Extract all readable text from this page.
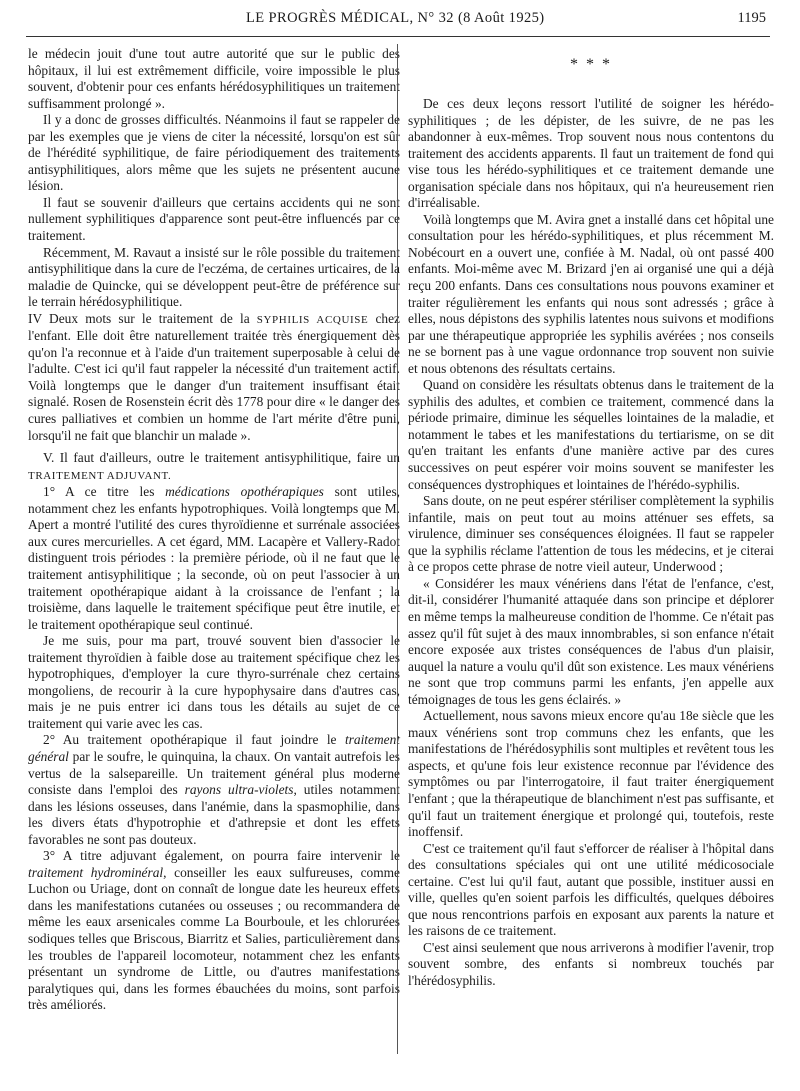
LE PROGRÈS MÉDICAL, N° 32 (8 Août 1925)	1195

le médecin jouit d'une tout autre autorité que sur le public des hôpitaux, il lui est extrêmement difficile, voire impossible le plus souvent, d'obtenir pour ces enfants hérédosyphilitiques un traitement suffisamment prolongé ».

Il y a donc de grosses difficultés. Néanmoins il faut se rappeler de par les exemples que je viens de citer la nécessité, lorsqu'on est sûr de l'hérédité syphilitique, de faire périodiquement des traitements antisyphilitiques, alors même que les sujets ne présentent aucune lésion.

Il faut se souvenir d'ailleurs que certains accidents qui ne sont nullement syphilitiques d'apparence sont peut-être influencés par ce traitement.

Récemment, M. Ravaut a insisté sur le rôle possible du traitement antisyphilitique dans la cure de l'eczéma, de certaines urticaires, de la maladie de Quincke, qui se développent peut-être de préférence sur le terrain hérédosyphilitique.

IV Deux mots sur le traitement de la SYPHILIS ACQUISE chez l'enfant. Elle doit être naturellement traitée très énergiquement dès qu'on l'a reconnue et à l'aide d'un traitement superposable à celui de l'adulte. C'est ici qu'il faut rappeler la nécessité d'un traitement actif. Voilà longtemps que le danger d'un traitement insuffisant était signalé. Rosen de Rosenstein écrit dès 1778 pour dire « le danger des cures palliatives et combien un homme de l'art mérite d'être puni, lorsqu'il ne fait que blanchir un malade ».

V. Il faut d'ailleurs, outre le traitement antisyphilitique, faire un TRAITEMENT ADJUVANT.

1° A ce titre les médications opothérapiques sont utiles, notamment chez les enfants hypotrophiques. Voilà longtemps que M. Apert a montré l'utilité des cures thyroïdienne et surrénale associées aux cures mercurielles. A cet égard, MM. Lacapère et Vallery-Radot distinguent trois périodes : la première période, où il ne faut que le traitement antisyphilitique ; la seconde, où on peut l'associer à un traitement opothérapique aidant à la croissance de l'enfant ; la troisième, dans laquelle le traitement spécifique peut être inutile, et le traitement opothérapique seul continué.

Je me suis, pour ma part, trouvé souvent bien d'associer le traitement thyroïdien à faible dose au traitement spécifique chez les hypotrophiques, d'employer la cure thyro-surrénale chez certains mongoliens, de recourir à la cure hypophysaire dans d'autres cas, mais je ne puis entrer ici dans tous les détails au sujet de ce traitement qui varie avec les cas.

2° Au traitement opothérapique il faut joindre le traitement général par le soufre, le quinquina, la chaux. On vantait autrefois les vertus de la salsepareille. Un traitement général plus moderne consiste dans l'emploi des rayons ultra-violets, utiles notamment dans les lésions osseuses, dans l'anémie, dans la spasmophilie, dans les divers états d'hypotrophie et d'athrepsie et dont les effets favorables ne sont pas douteux.

3° A titre adjuvant également, on pourra faire intervenir le traitement hydrominéral, conseiller les eaux sulfureuses, comme Luchon ou Uriage, dont on connaît de longue date les heureux effets dans les manifestations cutanées ou osseuses ; ou recommandera de même les eaux arsenicales comme La Bourboule, et les chlorurées sodiques telles que Briscous, Biarritz et Salies, particulièrement dans les troubles de l'appareil locomoteur, notamment chez les enfants présentant un syndrome de Little, ou d'autres manifestations paralytiques qui, dans les formes ébauchées du moins, sont parfois très améliorés.

* * *

De ces deux leçons ressort l'utilité de soigner les hérédo-syphilitiques ; de les dépister, de les suivre, de ne pas les abandonner à eux-mêmes. Trop souvent nous nous contentons du traitement des accidents apparents. Il faut un traitement de fond qui vise tous les hérédo-syphilitiques et ce traitement demande une organisation spéciale dans nos hôpitaux, qui n'a heureusement rien d'irréalisable.

Voilà longtemps que M. Avira gnet a installé dans cet hôpital une consultation pour les hérédo-syphilitiques, et plus récemment M. Nobécourt en a ouvert une, confiée à M. Nadal, où ont passé 400 enfants. Moi-même avec M. Brizard j'en ai organisé une qui a déjà reçu 200 enfants. Dans ces consultations nous pouvons examiner et traiter régulièrement les enfants qui nous sont adressés ; grâce à elles, nous dépistons des syphilis latentes nous suivons et modifions par une thérapeutique appropriée les syphilis avérées ; nos conseils ne se bornent pas à une vague ordonnance trop souvent non suivie et nous obtenons des résultats certains.

Quand on considère les résultats obtenus dans le traitement de la syphilis des adultes, et combien ce traitement, commencé dans la période primaire, diminue les séquelles lointaines de la maladie, et notamment le tabes et les manifestations du tertiarisme, on se dit qu'en traitant les enfants d'une manière active par des cures successives on peut espérer voir moins souvent se manifester les conséquences dystrophiques et lointaines de l'hérédo-syphilis.

Sans doute, on ne peut espérer stériliser complètement la syphilis infantile, mais on peut tout au moins atténuer ses effets, sa virulence, diminuer ses conséquences éloignées. Il faut se rappeler que la syphilis réclame l'attention de tous les médecins, et je citerai à ce propos cette phrase de notre vieil auteur, Underwood ;

« Considérer les maux vénériens dans l'état de l'enfance, c'est, dit-il, considérer l'humanité attaquée dans son principe et déplorer en même temps la malheureuse condition de l'homme. Ce n'était pas assez qu'il fût sujet à des maux innombrables, si son enfance n'était encore exposée aux tristes conséquences de l'abus d'un plaisir, auquel la nature a voulu qu'il dût son existence. Les maux vénériens ne sont que trop communs parmi les enfants, j'en appelle aux témoignages de tous les gens éclairés. »

Actuellement, nous savons mieux encore qu'au 18e siècle que les maux vénériens sont trop communs chez les enfants, que les manifestations de l'hérédosyphilis sont multiples et revêtent tous les aspects, et qu'une fois leur existence reconnue par l'évidence des symptômes ou par l'interrogatoire, il faut traiter énergiquement l'enfant ; que la thérapeutique de blanchiment n'est pas suffisante, et qu'il faut un traitement énergique et prolongé qui, toutefois, reste inoffensif.

C'est ce traitement qu'il faut s'efforcer de réaliser à l'hôpital dans des consultations spéciales qui ont une utilité médicosociale certaine. C'est lui qu'il faut, autant que possible, instituer aussi en ville, quelles qu'en soient parfois les difficultés, quelques déboires que nous rencontrions parfois en exposant aux parents la nature et les raisons de ce traitement.

C'est ainsi seulement que nous arriverons à modifier l'avenir, trop souvent sombre, des enfants si nombreux touchés par l'hérédosyphilis.
